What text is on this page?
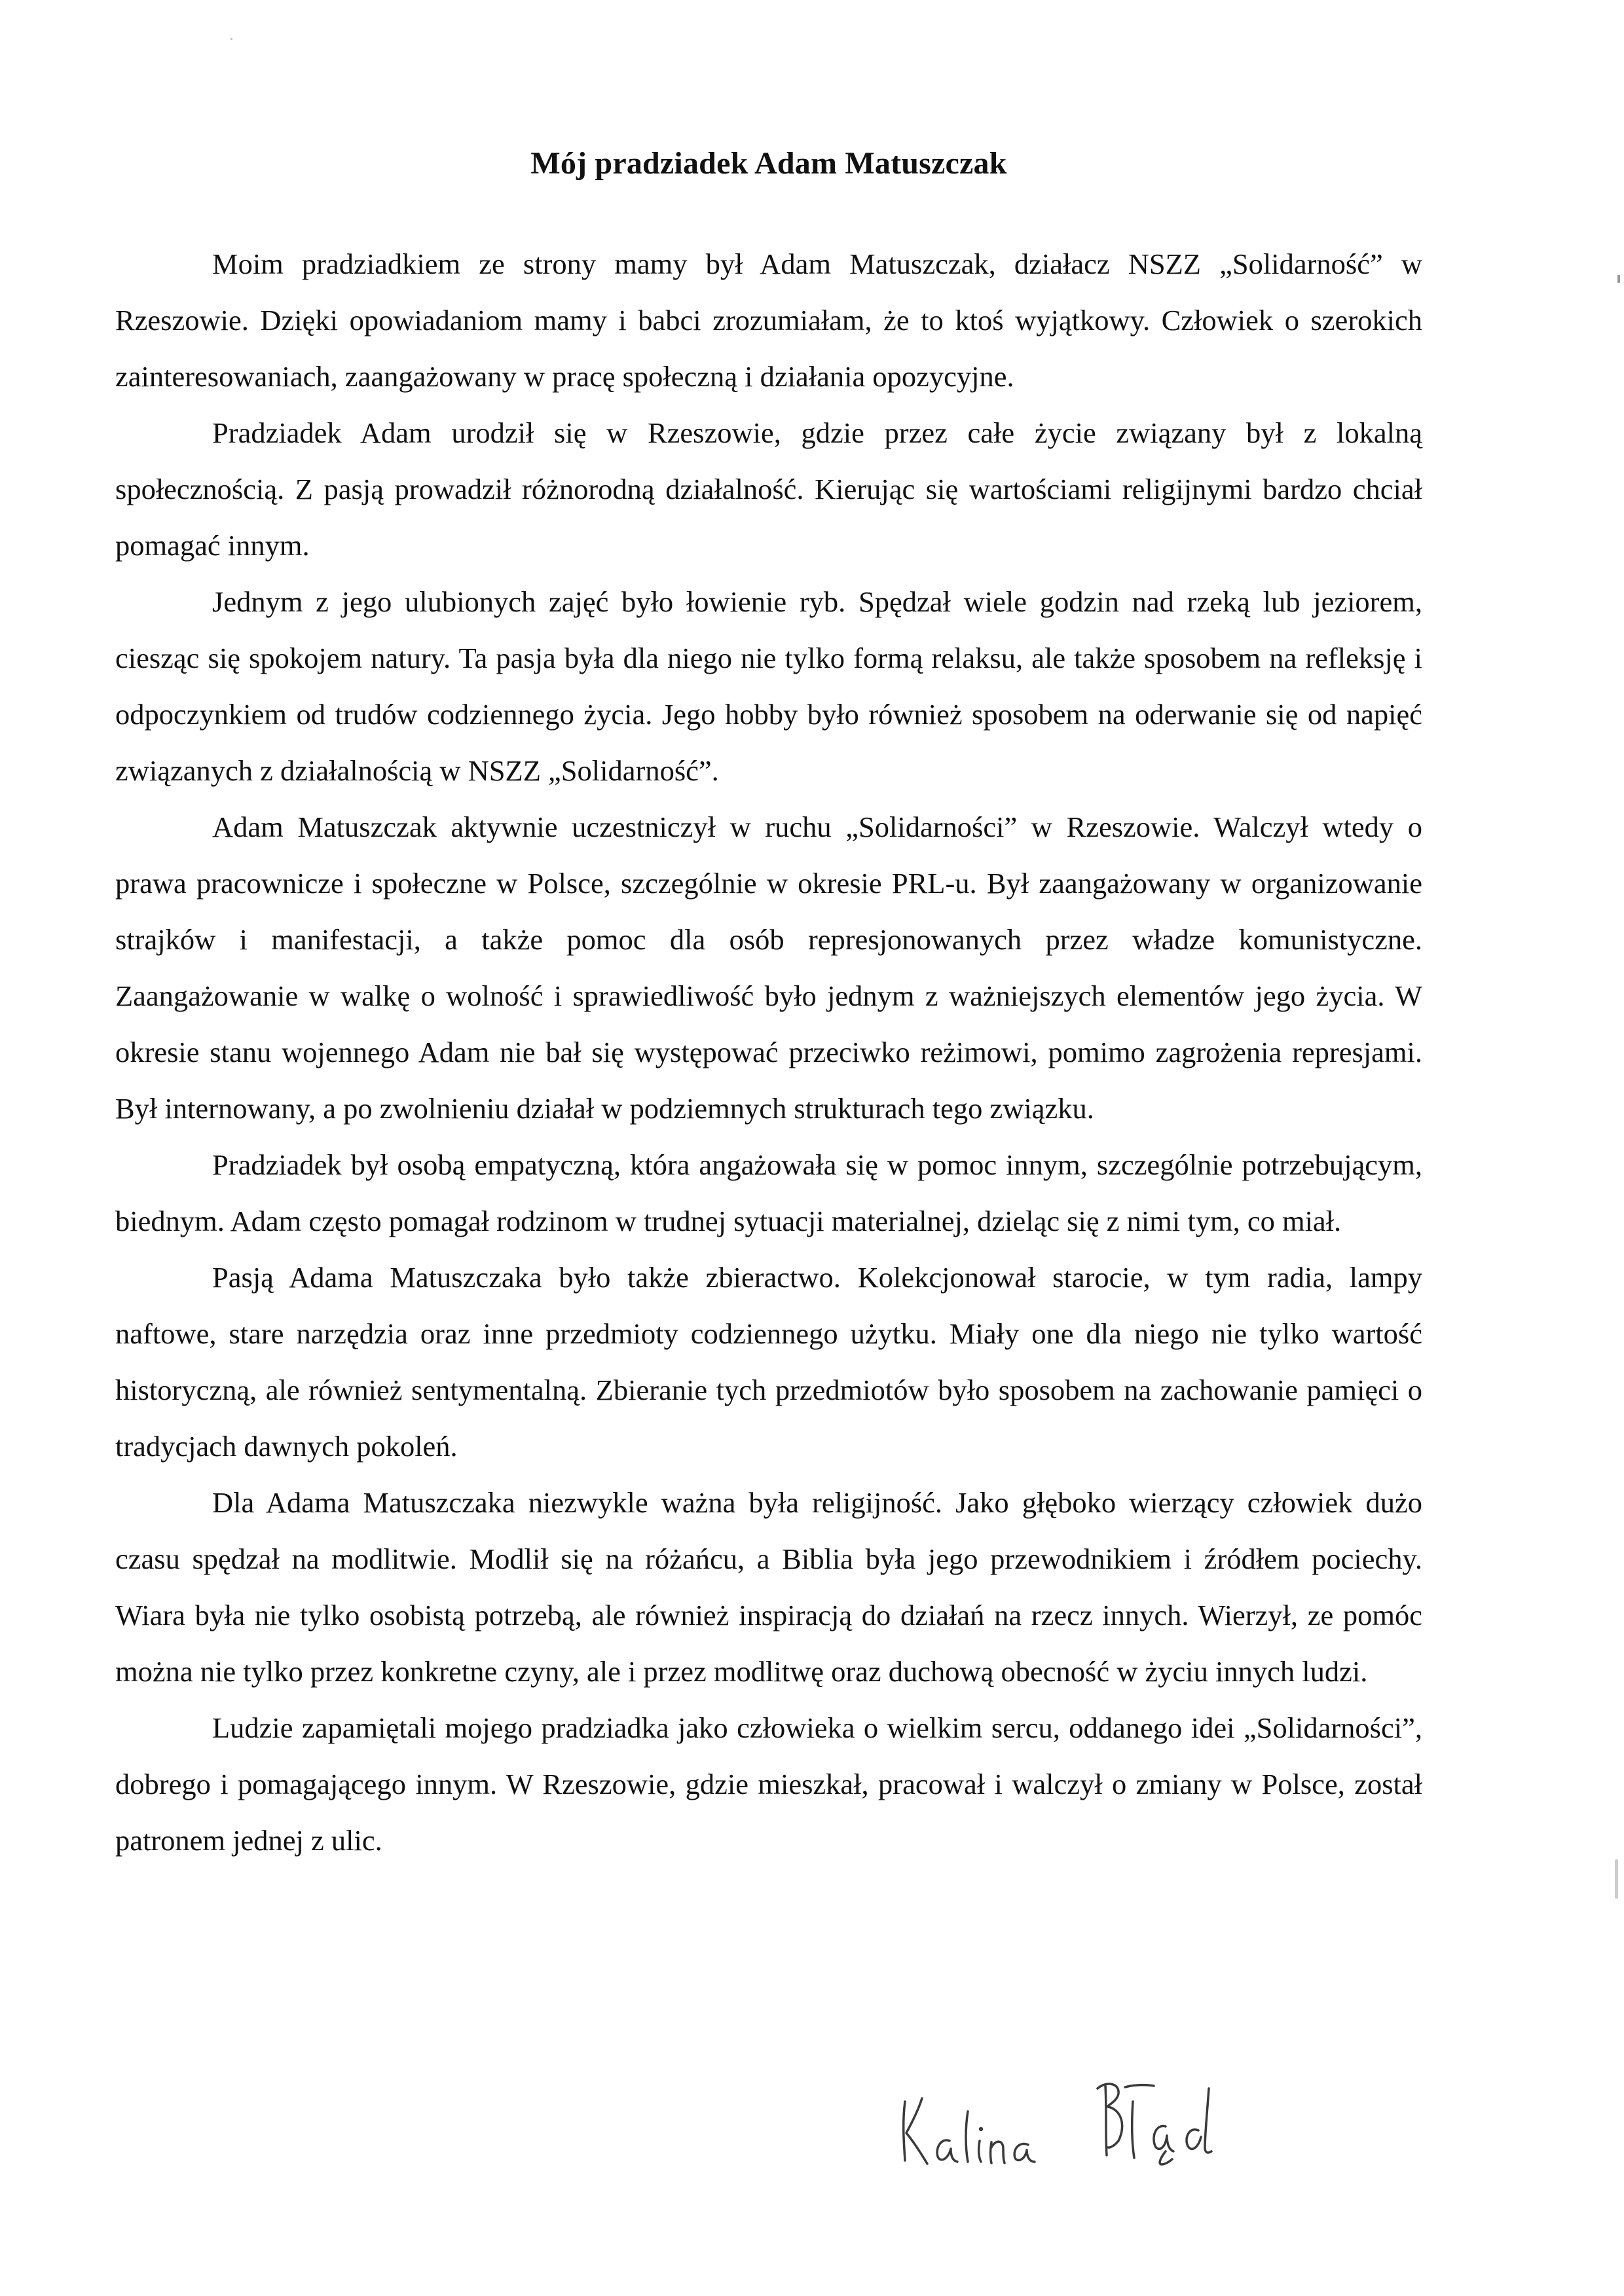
Mój pradziadek Adam Matuszczak

Moim pradziadkiem ze strony mamy był Adam Matuszczak, działacz NSZZ „Solidarność” w Rzeszowie. Dzięki opowiadaniom mamy i babci zrozumiałam, że to ktoś wyjątkowy. Człowiek o szerokich zainteresowaniach, zaangażowany w pracę społeczną i działania opozycyjne.

Pradziadek Adam urodził się w Rzeszowie, gdzie przez całe życie związany był z lokalną społecznością. Z pasją prowadził różnorodną działalność. Kierując się wartościami religijnymi bardzo chciał pomagać innym.

Jednym z jego ulubionych zajęć było łowienie ryb. Spędzał wiele godzin nad rzeką lub jeziorem, ciesząc się spokojem natury. Ta pasja była dla niego nie tylko formą relaksu, ale także sposobem na refleksję i odpoczynkiem od trudów codziennego życia. Jego hobby było również sposobem na oderwanie się od napięć związanych z działalnością w NSZZ „Solidarność”.

Adam Matuszczak aktywnie uczestniczył w ruchu „Solidarności” w Rzeszowie. Walczył wtedy o prawa pracownicze i społeczne w Polsce, szczególnie w okresie PRL-u. Był zaangażowany w organizowanie strajków i manifestacji, a także pomoc dla osób represjonowanych przez władze komunistyczne. Zaangażowanie w walkę o wolność i sprawiedliwość było jednym z ważniejszych elementów jego życia. W okresie stanu wojennego Adam nie bał się występować przeciwko reżimowi, pomimo zagrożenia represjami. Był internowany, a po zwolnieniu działał w podziemnych strukturach tego związku.

Pradziadek był osobą empatyczną, która angażowała się w pomoc innym, szczególnie potrzebującym, biednym. Adam często pomagał rodzinom w trudnej sytuacji materialnej, dzieląc się z nimi tym, co miał.

Pasją Adama Matuszczaka było także zbieractwo. Kolekcjonował starocie, w tym radia, lampy naftowe, stare narzędzia oraz inne przedmioty codziennego użytku. Miały one dla niego nie tylko wartość historyczną, ale również sentymentalną. Zbieranie tych przedmiotów było sposobem na zachowanie pamięci o tradycjach dawnych pokoleń.

Dla Adama Matuszczaka niezwykle ważna była religijność. Jako głęboko wierzący człowiek dużo czasu spędzał na modlitwie. Modlił się na różańcu, a Biblia była jego przewodnikiem i źródłem pociechy. Wiara była nie tylko osobistą potrzebą, ale również inspiracją do działań na rzecz innych. Wierzył, ze pomóc można nie tylko przez konkretne czyny, ale i przez modlitwę oraz duchową obecność w życiu innych ludzi.

Ludzie zapamiętali mojego pradziadka jako człowieka o wielkim sercu, oddanego idei „Solidarności”, dobrego i pomagającego innym. W Rzeszowie, gdzie mieszkał, pracował i walczył o zmiany w Polsce, został patronem jednej z ulic.
